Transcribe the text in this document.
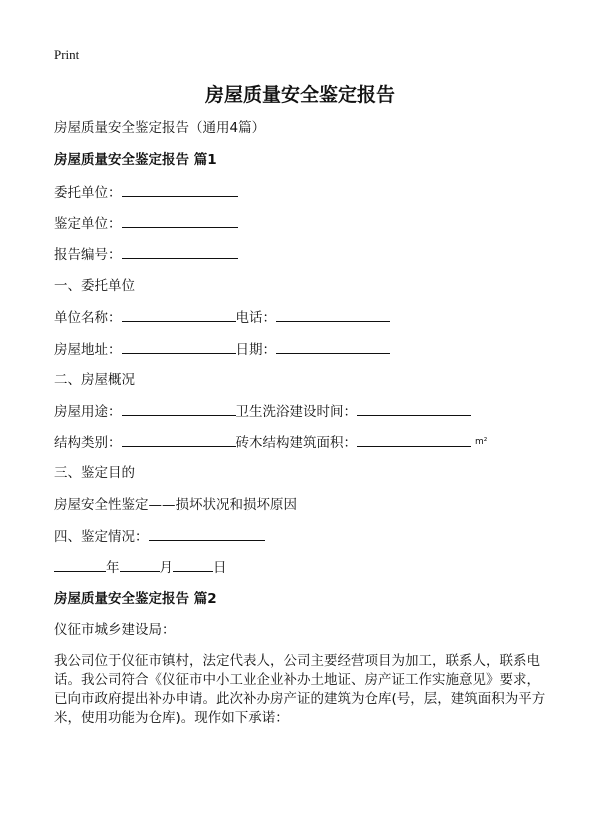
Print
房屋质量安全鉴定报告
房屋质量安全鉴定报告（通用4篇）
房屋质量安全鉴定报告 篇1
委托单位：
鉴定单位：
报告编号：
一、委托单位
单位名称：	电话：
房屋地址：	日期：
二、房屋概况
房屋用途：	卫生洗浴建设时间：
结构类别：	砖木结构建筑面积：	$^{m^2}$
三、鉴定目的
房屋安全性鉴定——损坏状况和损坏原因
四、鉴定情况：
年	月	日
房屋质量安全鉴定报告 篇2
仪征市城乡建设局：
我公司位于仪征市镇村，法定代表人，公司主要经营项目为加工，联系人，联系电话。我公司符合《仪征市中小工业企业补办土地证、房产证工作实施意见》要求，已向市政府提出补办申请。此次补办房产证的建筑为仓库(号，层，建筑面积为平方米，使用功能为仓库)。现作如下承诺：
